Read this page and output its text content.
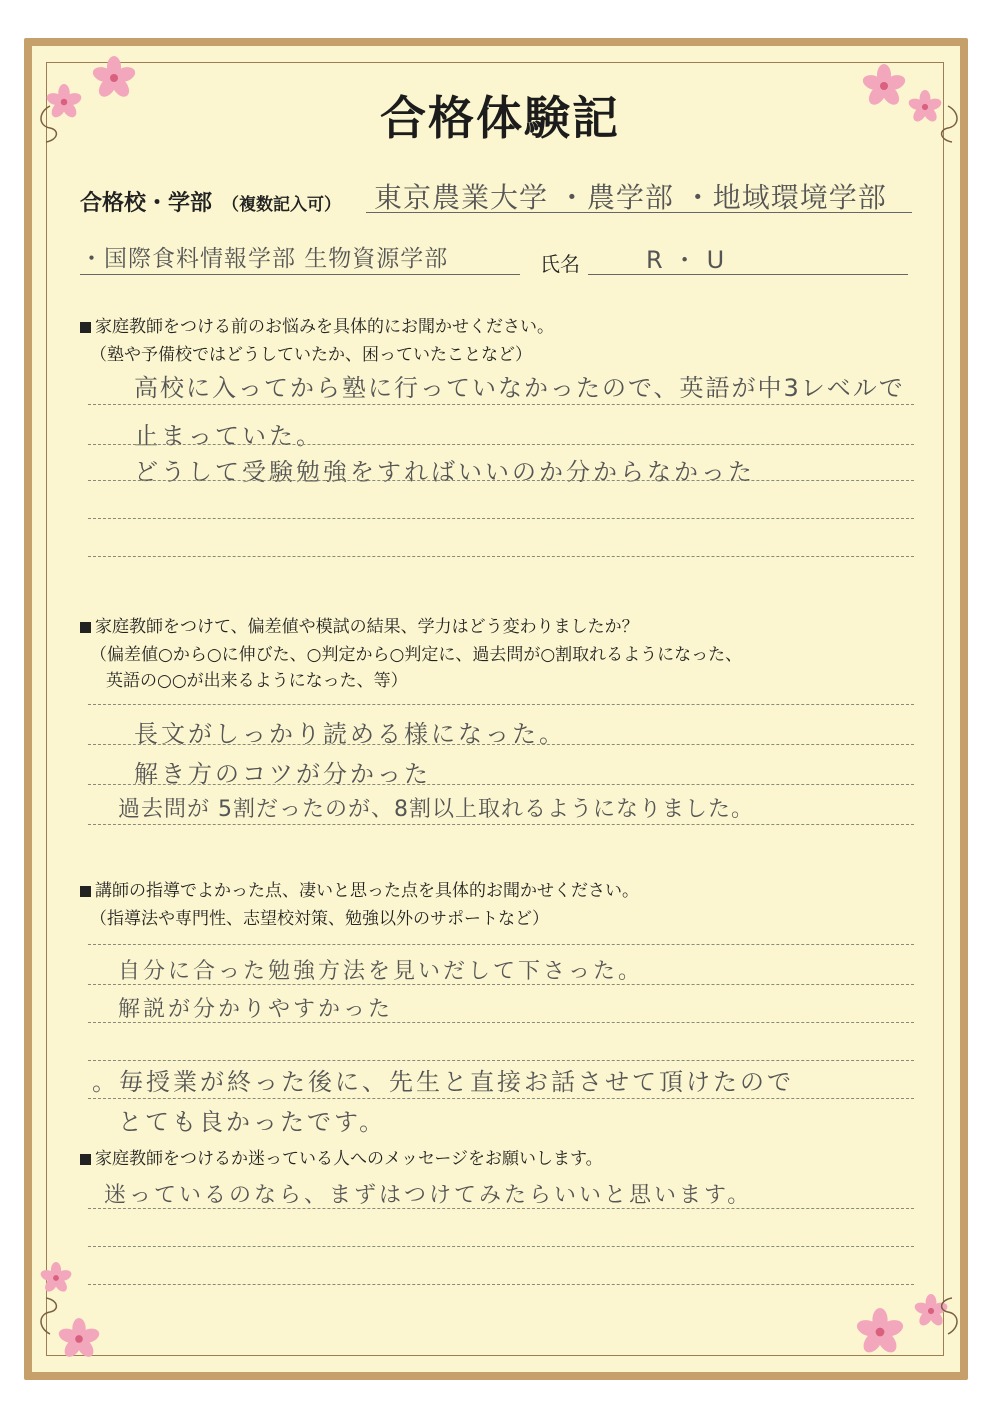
合格体験記
合格校・学部 （複数記入可） 東京農業大学 ・農学部 ・地域環境学部
・国際食料情報学部 生物資源学部	氏名	R・U
家庭教師をつける前のお悩みを具体的にお聞かせください。
（塾や予備校ではどうしていたか、困っていたことなど）
高校に入ってから塾に行っていなかったので、英語が中3レベルで
止まっていた。
どうして受験勉強をすればいいのか分からなかった
家庭教師をつけて、偏差値や模試の結果、学力はどう変わりましたか？
（偏差値○から○に伸びた、○判定から○判定に、過去問が○割取れるようになった、
英語の○○が出来るようになった、等）
長文がしっかり読める様になった。
解き方のコツが分かった
過去問が 5割だったのが、8割以上取れるようになりました。
講師の指導でよかった点、凄いと思った点を具体的お聞かせください。
（指導法や専門性、志望校対策、勉強以外のサポートなど）
自分に合った勉強方法を見いだして下さった。
解説が分かりやすかった
。毎授業が終った後に、先生と直接お話させて頂けたので
とても良かったです。
家庭教師をつけるか迷っている人へのメッセージをお願いします。
迷っているのなら、まずはつけてみたらいいと思います。
